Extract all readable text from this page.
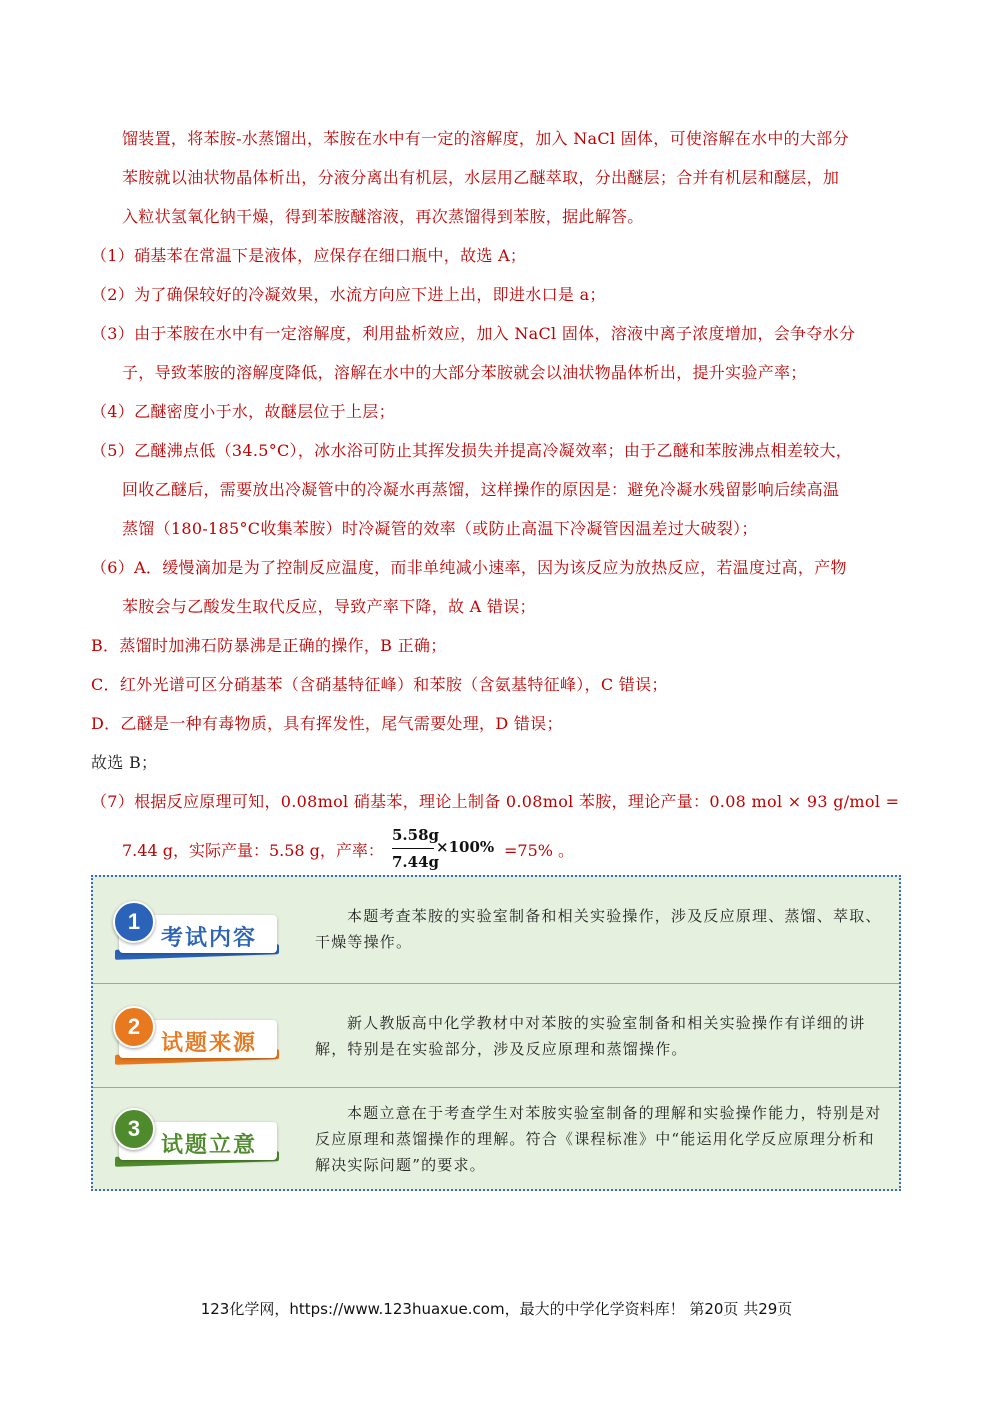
馏装置，将苯胺-水蒸馏出，苯胺在水中有一定的溶解度，加入 NaCl 固体，可使溶解在水中的大部分
苯胺就以油状物晶体析出，分液分离出有机层，水层用乙醚萃取，分出醚层；合并有机层和醚层，加
入粒状氢氧化钠干燥，得到苯胺醚溶液，再次蒸馏得到苯胺，据此解答。
（1）硝基苯在常温下是液体，应保存在细口瓶中，故选 A；
（2）为了确保较好的冷凝效果，水流方向应下进上出，即进水口是 a；
（3）由于苯胺在水中有一定溶解度，利用盐析效应，加入 NaCl 固体，溶液中离子浓度增加，会争夺水分
子，导致苯胺的溶解度降低，溶解在水中的大部分苯胺就会以油状物晶体析出，提升实验产率；
（4）乙醚密度小于水，故醚层位于上层；
（5）乙醚沸点低（34.5°C），冰水浴可防止其挥发损失并提高冷凝效率；由于乙醚和苯胺沸点相差较大，
回收乙醚后，需要放出冷凝管中的冷凝水再蒸馏，这样操作的原因是：避免冷凝水残留影响后续高温
蒸馏（180-185°C收集苯胺）时冷凝管的效率（或防止高温下冷凝管因温差过大破裂）；
（6）A．缓慢滴加是为了控制反应温度，而非单纯减小速率，因为该反应为放热反应，若温度过高，产物
苯胺会与乙酸发生取代反应，导致产率下降，故 A 错误；
B．蒸馏时加沸石防暴沸是正确的操作，B 正确；
C．红外光谱可区分硝基苯（含硝基特征峰）和苯胺（含氨基特征峰），C 错误；
D．乙醚是一种有毒物质，具有挥发性，尾气需要处理，D 错误；
故选 B；
（7）根据反应原理可知，0.08mol 硝基苯，理论上制备 0.08mol 苯胺，理论产量：0.08 mol × 93 g/mol =
7.44 g，实际产量：5.58 g，产率：
5.58g
7.44g
×100% =75% 。
1
考试内容
本题考查苯胺的实验室制备和相关实验操作，涉及反应原理、蒸馏、萃取、干燥等操作。
2
试题来源
新人教版高中化学教材中对苯胺的实验室制备和相关实验操作有详细的讲解，特别是在实验部分，涉及反应原理和蒸馏操作。
3
试题立意
本题立意在于考查学生对苯胺实验室制备的理解和实验操作能力，特别是对反应原理和蒸馏操作的理解。符合《课程标准》中“能运用化学反应原理分析和解决实际问题”的要求。
123化学网，https://www.123huaxue.com，最大的中学化学资料库！ 第20页 共29页
